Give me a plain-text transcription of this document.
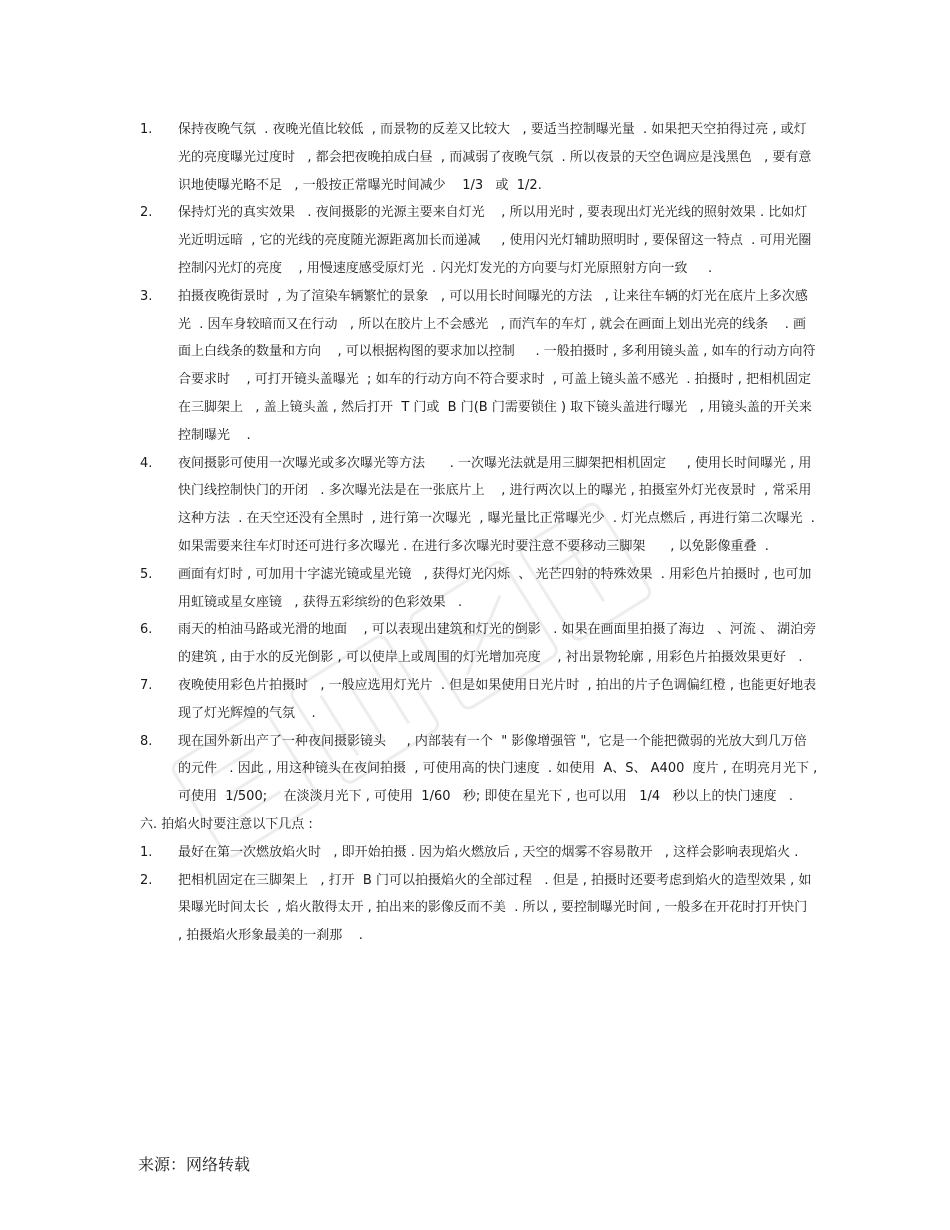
1. 保持夜晚气氛  . 夜晚光值比较低  , 而景物的反差又比较大   , 要适当控制曝光量  . 如果把天空拍得过亮 , 或灯光的亮度曝光过度时   , 都会把夜晚拍成白昼  , 而减弱了夜晚气氛  . 所以夜景的天空色调应是浅黑色   , 要有意识地使曝光略不足   , 一般按正常曝光时间减少    1/3   或  1/2.
2. 保持灯光的真实效果   . 夜间摄影的光源主要来自灯光    , 所以用光时 , 要表现出灯光光线的照射效果 . 比如灯光近明远暗  , 它的光线的亮度随光源距离加长而递减     , 使用闪光灯辅助照明时 , 要保留这一特点  . 可用光圈控制闪光灯的亮度    , 用慢速度感受原灯光  . 闪光灯发光的方向要与灯光原照射方向一致     .
3. 拍摄夜晚街景时  , 为了渲染车辆繁忙的景象   , 可以用长时间曝光的方法   , 让来往车辆的灯光在底片上多次感光  . 因车身较暗而又在行动   , 所以在胶片上不会感光   , 而汽车的车灯 , 就会在画面上划出光亮的线条    . 画面上白线条的数量和方向    , 可以根据构图的要求加以控制     . 一般拍摄时 , 多利用镜头盖 , 如车的行动方向符合要求时    , 可打开镜头盖曝光  ; 如车的行动方向不符合要求时  , 可盖上镜头盖不感光  . 拍摄时 , 把相机固定在三脚架上   , 盖上镜头盖 , 然后打开  T 门或  B 门(B 门需要锁住 ) 取下镜头盖进行曝光   , 用镜头盖的开关来控制曝光    .
4. 夜间摄影可使用一次曝光或多次曝光等方法      . 一次曝光法就是用三脚架把相机固定     , 使用长时间曝光 , 用快门线控制快门的开闭   . 多次曝光法是在一张底片上    , 进行两次以上的曝光 , 拍摄室外灯光夜景时  , 常采用这种方法  . 在天空还没有全黑时  , 进行第一次曝光  , 曝光量比正常曝光少  . 灯光点燃后 , 再进行第二次曝光  . 如果需要来往车灯时还可进行多次曝光 . 在进行多次曝光时要注意不要移动三脚架      , 以免影像重叠  .
5. 画面有灯时 , 可加用十字滤光镜或星光镜   , 获得灯光闪烁  、 光芒四射的特殊效果  . 用彩色片拍摄时 , 也可加用虹镜或星女座镜   , 获得五彩缤纷的色彩效果   .
6. 雨天的柏油马路或光滑的地面    , 可以表现出建筑和灯光的倒影   . 如果在画面里拍摄了海边   、河流 、 湖泊旁的建筑 , 由于水的反光倒影 , 可以使岸上或周围的灯光增加亮度    , 衬出景物轮廓 , 用彩色片拍摄效果更好   .
7. 夜晚使用彩色片拍摄时   , 一般应选用灯光片  . 但是如果使用日光片时  , 拍出的片子色调偏红橙 , 也能更好地表现了灯光辉煌的气氛    .
8. 现在国外新出产了一种夜间摄影镜头     , 内部装有一个  " 影像增强管 ",  它是一个能把微弱的光放大到几万倍的元件   . 因此 , 用这种镜头在夜间拍摄  , 可使用高的快门速度  . 如使用  A、S、 A400  度片 , 在明亮月光下 , 可使用  1/500;    在淡淡月光下 , 可使用  1/60   秒; 即使在星光下 , 也可以用   1/4   秒以上的快门速度   .
六. 拍焰火时要注意以下几点 :
1. 最好在第一次燃放焰火时   , 即开始拍摄 . 因为焰火燃放后 , 天空的烟雾不容易散开   , 这样会影响表现焰火 .
2. 把相机固定在三脚架上   , 打开  B 门可以拍摄焰火的全部过程   . 但是 , 拍摄时还要考虑到焰火的造型效果 , 如果曝光时间太长  , 焰火散得太开 , 拍出来的影像反而不美  . 所以 , 要控制曝光时间 , 一般多在开花时打开快门    , 拍摄焰火形象最美的一刹那    .
来源：网络转载
